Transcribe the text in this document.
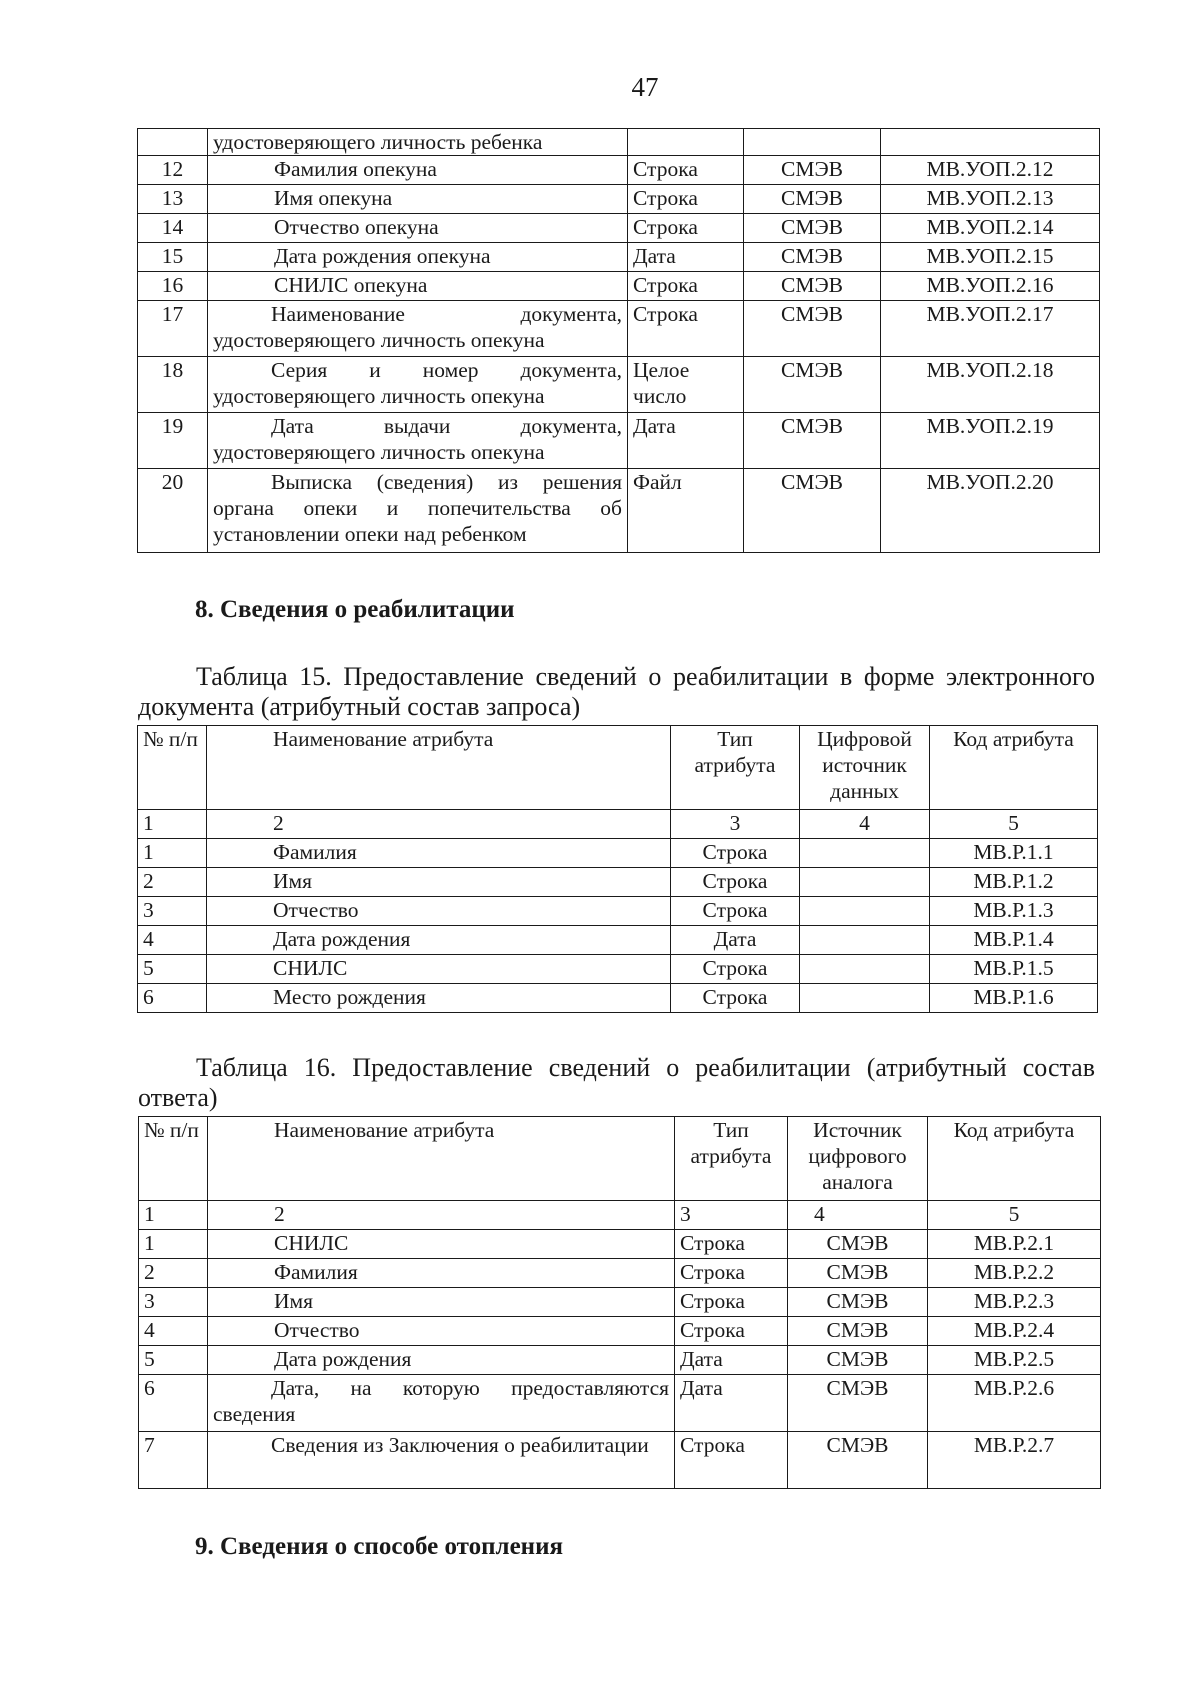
47
	удостоверяющего личность ребенка			
12	Фамилия опекуна	Строка	СМЭВ	МВ.УОП.2.12
13	Имя опекуна	Строка	СМЭВ	МВ.УОП.2.13
14	Отчество опекуна	Строка	СМЭВ	МВ.УОП.2.14
15	Дата рождения опекуна	Дата	СМЭВ	МВ.УОП.2.15
16	СНИЛС опекуна	Строка	СМЭВ	МВ.УОП.2.16
17	Наименование документа, удостоверяющего личность опекуна	Строка	СМЭВ	МВ.УОП.2.17
18	Серия и номер документа, удостоверяющего личность опекуна	Целое число	СМЭВ	МВ.УОП.2.18
19	Дата выдачи документа, удостоверяющего личность опекуна	Дата	СМЭВ	МВ.УОП.2.19
20	Выписка (сведения) из решения органа опеки и попечительства об установлении опеки над ребенком	Файл	СМЭВ	МВ.УОП.2.20
8. Сведения о реабилитации
Таблица 15. Предоставление сведений о реабилитации в форме электронного документа (атрибутный состав запроса)
№ п/п	Наименование атрибута	Тип атрибута	Цифровой источник данных	Код атрибута
1	2	3	4	5
1	Фамилия	Строка		МВ.Р.1.1
2	Имя	Строка		МВ.Р.1.2
3	Отчество	Строка		МВ.Р.1.3
4	Дата рождения	Дата		МВ.Р.1.4
5	СНИЛС	Строка		МВ.Р.1.5
6	Место рождения	Строка		МВ.Р.1.6
Таблица 16. Предоставление сведений о реабилитации (атрибутный состав ответа)
№ п/п	Наименование атрибута	Тип атрибута	Источник цифрового аналога	Код атрибута
1	2	3	4	5
1	СНИЛС	Строка	СМЭВ	МВ.Р.2.1
2	Фамилия	Строка	СМЭВ	МВ.Р.2.2
3	Имя	Строка	СМЭВ	МВ.Р.2.3
4	Отчество	Строка	СМЭВ	МВ.Р.2.4
5	Дата рождения	Дата	СМЭВ	МВ.Р.2.5
6	Дата, на которую предоставляются сведения	Дата	СМЭВ	МВ.Р.2.6
7	Сведения из Заключения о реабилитации	Строка	СМЭВ	МВ.Р.2.7
9. Сведения о способе отопления
